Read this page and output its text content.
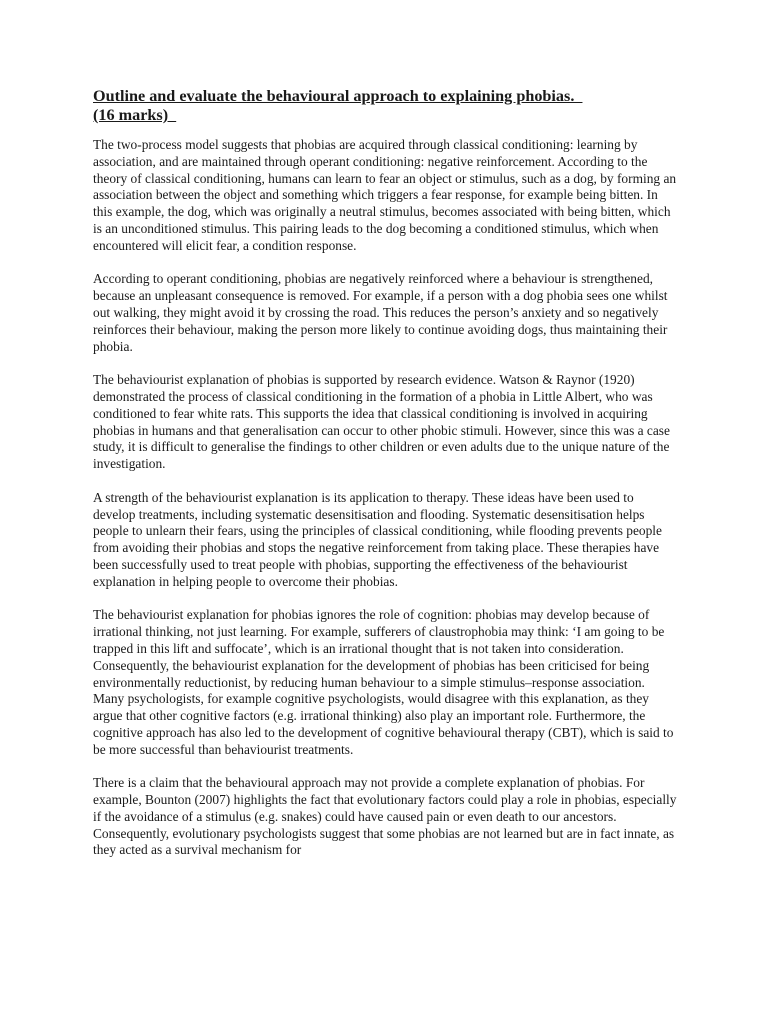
Outline and evaluate the behavioural approach to explaining phobias.
(16 marks)

The two-process model suggests that phobias are acquired through classical conditioning: learning by association, and are maintained through operant conditioning: negative reinforcement. According to the theory of classical conditioning, humans can learn to fear an object or stimulus, such as a dog, by forming an association between the object and something which triggers a fear response, for example being bitten. In this example, the dog, which was originally a neutral stimulus, becomes associated with being bitten, which is an unconditioned stimulus. This pairing leads to the dog becoming a conditioned stimulus, which when encountered will elicit fear, a condition response.

According to operant conditioning, phobias are negatively reinforced where a behaviour is strengthened, because an unpleasant consequence is removed. For example, if a person with a dog phobia sees one whilst out walking, they might avoid it by crossing the road. This reduces the person’s anxiety and so negatively reinforces their behaviour, making the person more likely to continue avoiding dogs, thus maintaining their phobia.

The behaviourist explanation of phobias is supported by research evidence. Watson & Raynor (1920) demonstrated the process of classical conditioning in the formation of a phobia in Little Albert, who was conditioned to fear white rats. This supports the idea that classical conditioning is involved in acquiring phobias in humans and that generalisation can occur to other phobic stimuli. However, since this was a case study, it is difficult to generalise the findings to other children or even adults due to the unique nature of the investigation.

A strength of the behaviourist explanation is its application to therapy. These ideas have been used to develop treatments, including systematic desensitisation and flooding. Systematic desensitisation helps people to unlearn their fears, using the principles of classical conditioning, while flooding prevents people from avoiding their phobias and stops the negative reinforcement from taking place. These therapies have been successfully used to treat people with phobias, supporting the effectiveness of the behaviourist explanation in helping people to overcome their phobias.

The behaviourist explanation for phobias ignores the role of cognition: phobias may develop because of irrational thinking, not just learning. For example, sufferers of claustrophobia may think: ‘I am going to be trapped in this lift and suffocate’, which is an irrational thought that is not taken into consideration. Consequently, the behaviourist explanation for the development of phobias has been criticised for being environmentally reductionist, by reducing human behaviour to a simple stimulus–response association. Many psychologists, for example cognitive psychologists, would disagree with this explanation, as they argue that other cognitive factors (e.g. irrational thinking) also play an important role. Furthermore, the cognitive approach has also led to the development of cognitive behavioural therapy (CBT), which is said to be more successful than behaviourist treatments.

There is a claim that the behavioural approach may not provide a complete explanation of phobias. For example, Bounton (2007) highlights the fact that evolutionary factors could play a role in phobias, especially if the avoidance of a stimulus (e.g. snakes) could have caused pain or even death to our ancestors. Consequently, evolutionary psychologists suggest that some phobias are not learned but are in fact innate, as they acted as a survival mechanism for
